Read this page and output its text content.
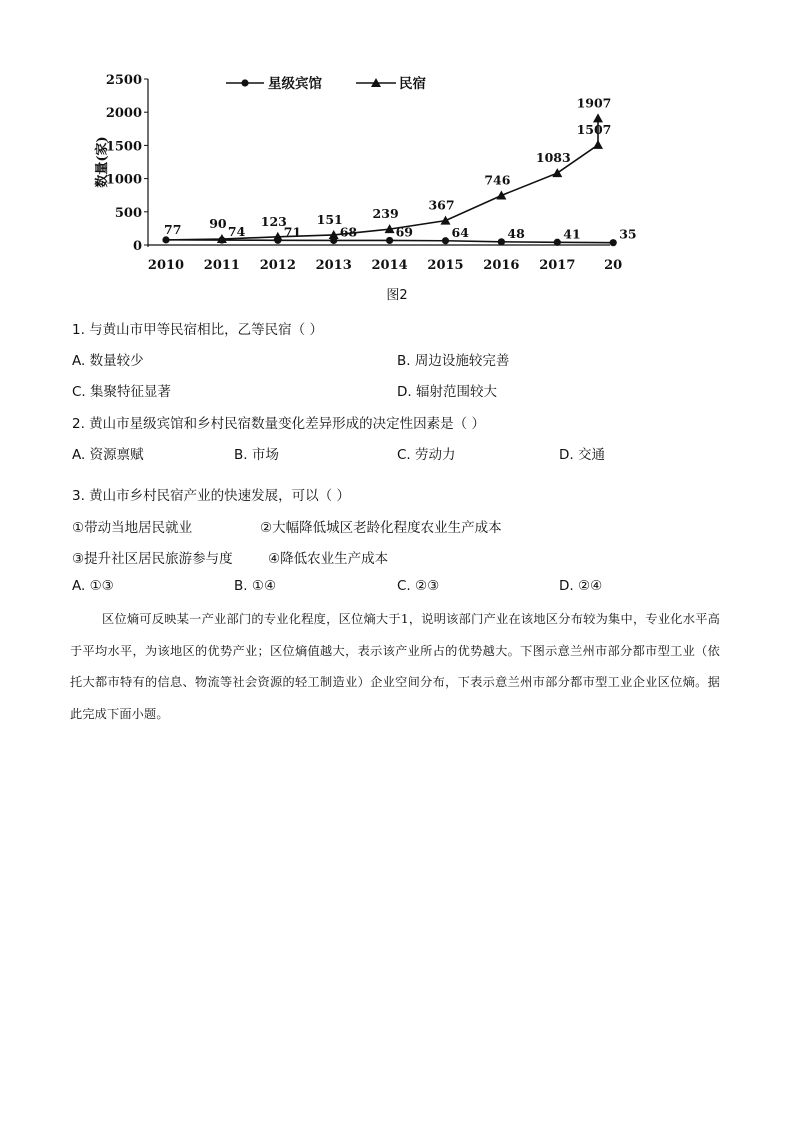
0
500
1000
1500
2000
2500
数量(家)
2010 2011 2012 2013 2014 2015 2016 2017 20
77	74	71	68	69	64	48	41	35
90	123 151 239
367
746
1083
1507
1907
星级宾馆	民宿
图2
1. 与黄山市甲等民宿相比，乙等民宿（ ）
A. 数量较少	B. 周边设施较完善
C. 集聚特征显著	D. 辐射范围较大
2. 黄山市星级宾馆和乡村民宿数量变化差异形成的决定性因素是（ ）
A. 资源禀赋	B. 市场	C. 劳动力	D. 交通
3. 黄山市乡村民宿产业的快速发展，可以（ ）
①带动当地居民就业	②大幅降低城区老龄化程度农业生产成本
③提升社区居民旅游参与度	④降低农业生产成本
A. ①③	B. ①④	C. ②③	D. ②④
区位熵可反映某一产业部门的专业化程度，区位熵大于1，说明该部门产业在该地区分布较为集中，专业化水平高于平均水平，为该地区的优势产业；区位熵值越大，表示该产业所占的优势越大。下图示意兰州市部分都市型工业（依托大都市特有的信息、物流等社会资源的轻工制造业）企业空间分布，下表示意兰州市部分都市型工业企业区位熵。据此完成下面小题。
